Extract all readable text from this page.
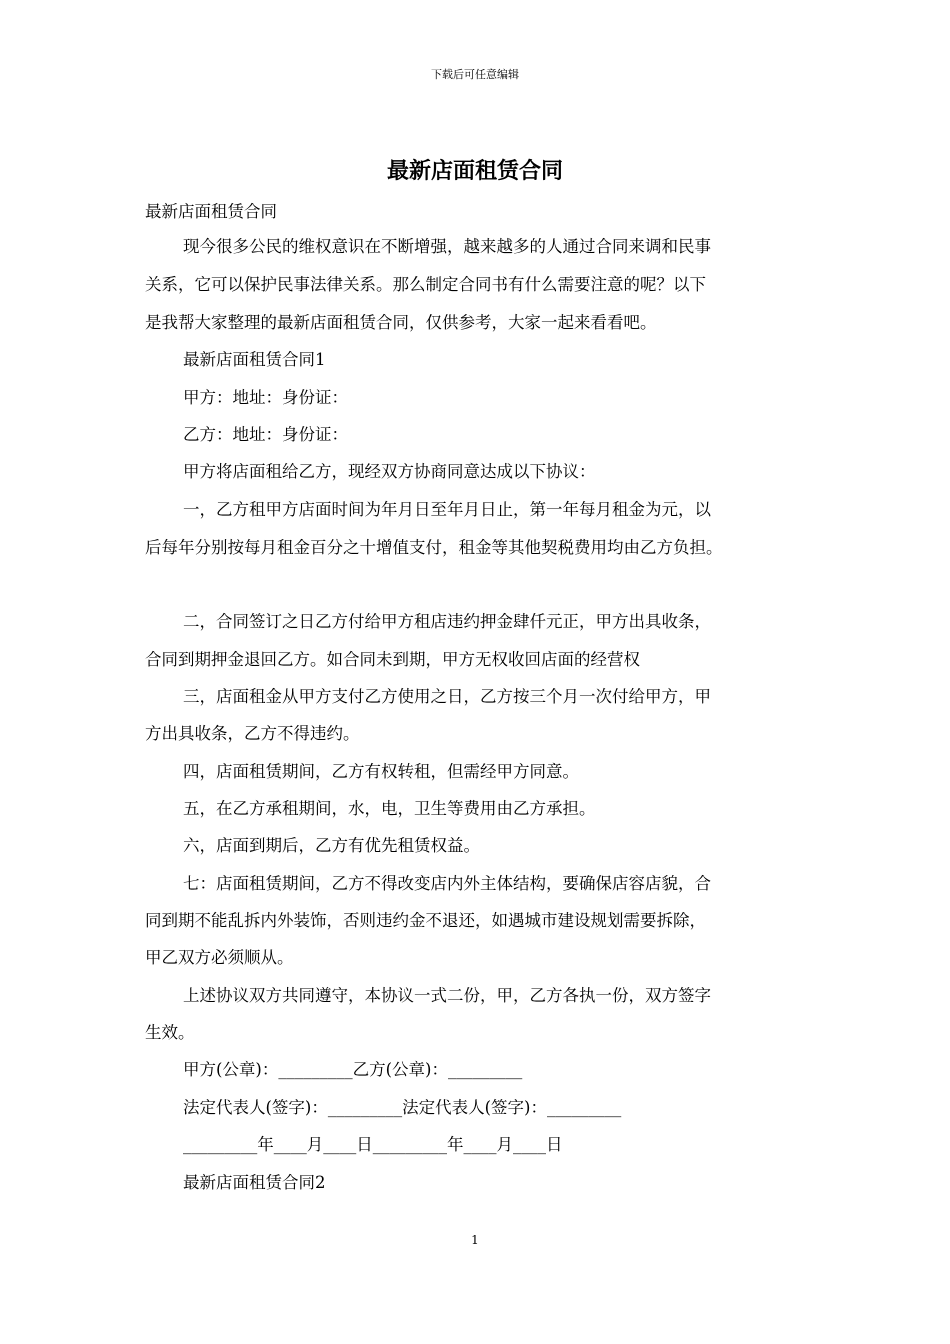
下载后可任意编辑
最新店面租赁合同
最新店面租赁合同
现今很多公民的维权意识在不断增强，越来越多的人通过合同来调和民事
关系，它可以保护民事法律关系。那么制定合同书有什么需要注意的呢？以下
是我帮大家整理的最新店面租赁合同，仅供参考，大家一起来看看吧。
最新店面租赁合同1
甲方：地址：身份证：
乙方：地址：身份证：
甲方将店面租给乙方，现经双方协商同意达成以下协议：
一，乙方租甲方店面时间为年月日至年月日止，第一年每月租金为元，以
后每年分别按每月租金百分之十增值支付，租金等其他契税费用均由乙方负担。
二，合同签订之日乙方付给甲方租店违约押金肆仟元正，甲方出具收条，
合同到期押金退回乙方。如合同未到期，甲方无权收回店面的经营权
三，店面租金从甲方支付乙方使用之日，乙方按三个月一次付给甲方，甲
方出具收条，乙方不得违约。
四，店面租赁期间，乙方有权转租，但需经甲方同意。
五，在乙方承租期间，水，电，卫生等费用由乙方承担。
六，店面到期后，乙方有优先租赁权益。
七：店面租赁期间，乙方不得改变店内外主体结构，要确保店容店貌，合
同到期不能乱拆内外装饰，否则违约金不退还，如遇城市建设规划需要拆除，
甲乙双方必须顺从。
上述协议双方共同遵守，本协议一式二份，甲，乙方各执一份，双方签字
生效。
甲方(公章)：_________乙方(公章)：_________
法定代表人(签字)：_________法定代表人(签字)：_________
_________年____月____日_________年____月____日
最新店面租赁合同2
1
